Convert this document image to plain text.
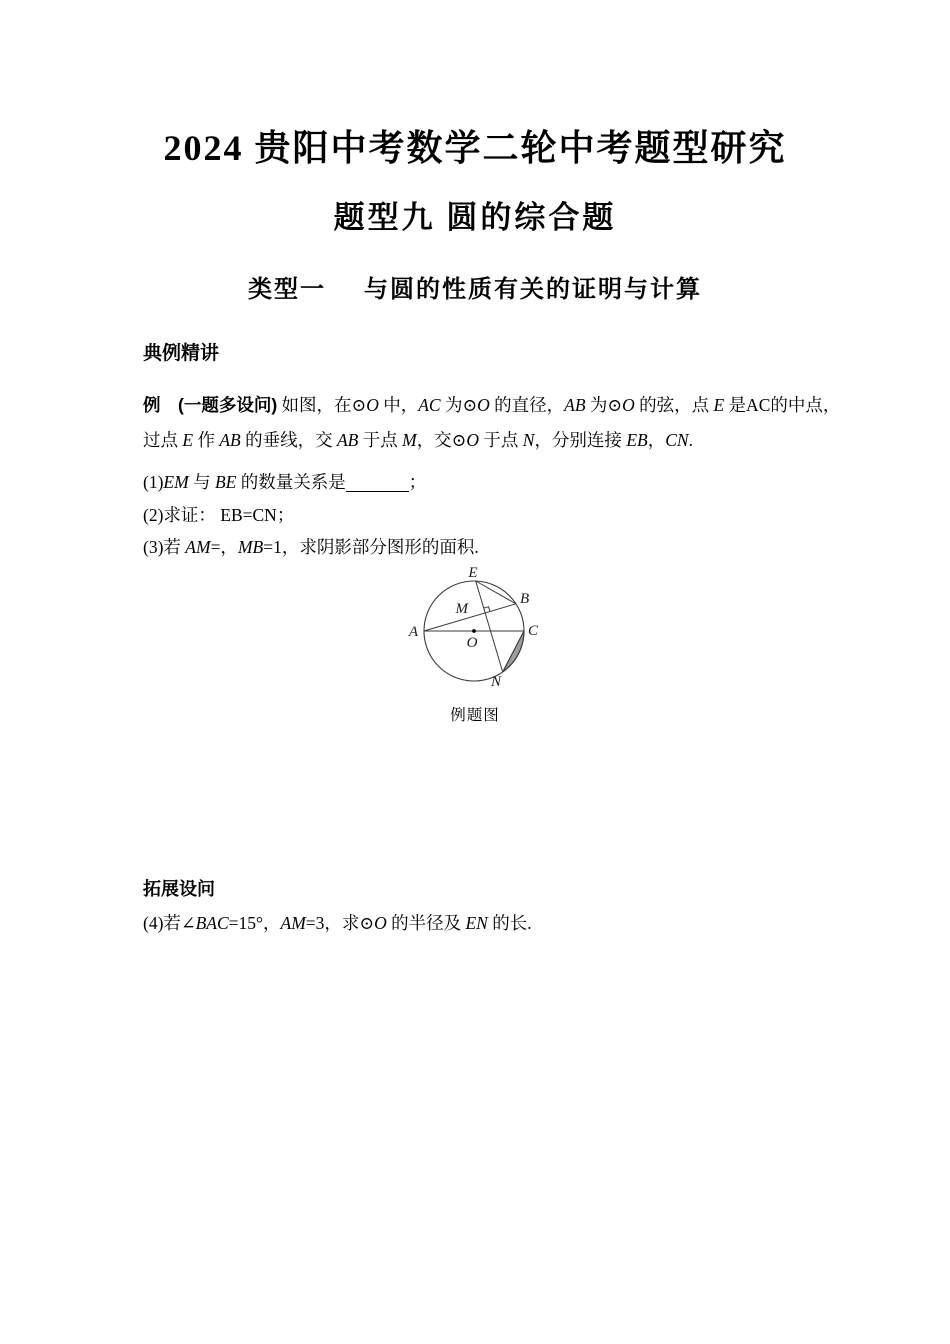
2024 贵阳中考数学二轮中考题型研究
题型九 圆的综合题
类型一 与圆的性质有关的证明与计算
典例精讲
例　(一题多设问) 如图，在⊙O 中，AC 为⊙O 的直径，AB 为⊙O 的弦，点 E 是AC的中点，
过点 E 作 AB 的垂线，交 AB 于点 M，交⊙O 于点 N，分别连接 EB，CN.
(1)EM 与 BE 的数量关系是	；
(2)求证： EB=CN；
(3)若 AM=，MB=1，求阴影部分图形的面积.
E
B
A	C
M
O
N
例题图
拓展设问
(4)若∠BAC=15°，AM=3，求⊙O 的半径及 EN 的长.
